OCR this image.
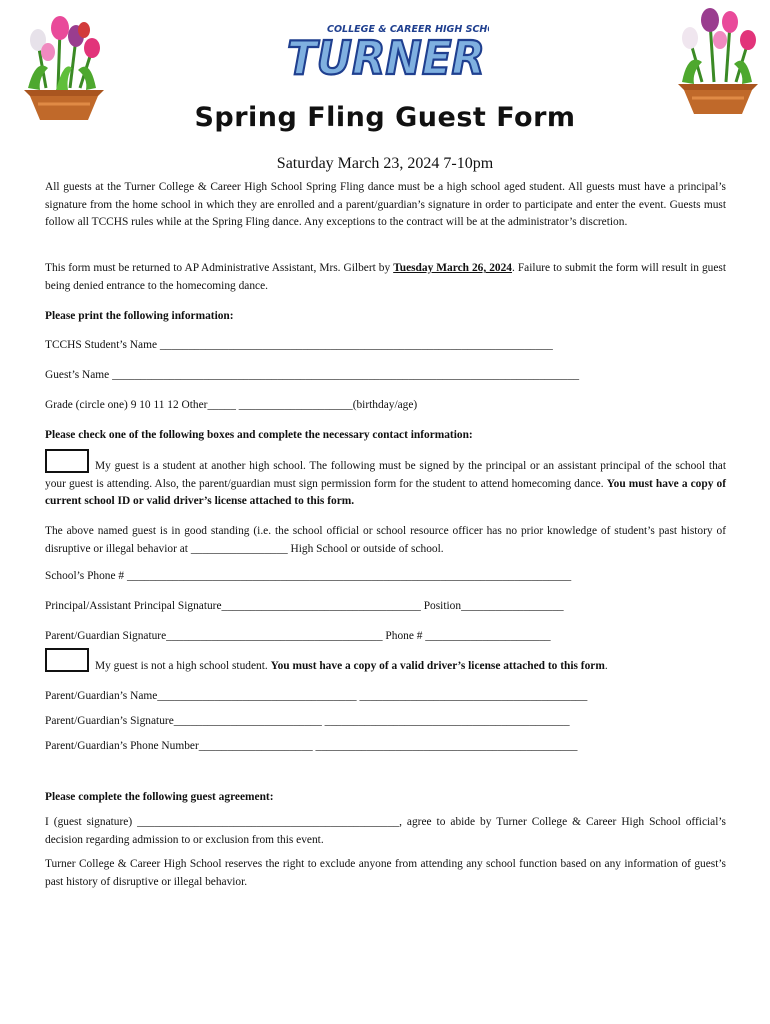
COLLEGE & CAREER HIGH SCH
TURNER
Spring Fling Guest Form
Saturday March 23, 2024 7-10pm
All guests at the Turner College & Career High School Spring Fling dance must be a high school aged student. All guests must have a principal’s signature from the home school in which they are enrolled and a parent/guardian’s signature in order to participate and enter the event. Guests must follow all TCCHS rules while at the Spring Fling dance. Any exceptions to the contract will be at the administrator’s discretion.
This form must be returned to AP Administrative Assistant, Mrs. Gilbert by Tuesday March 26, 2024. Failure to submit the form will result in guest being denied entrance to the homecoming dance.
Please print the following information:
TCCHS Student’s Name _____________________________________________________________________
Guest’s Name __________________________________________________________________________________
Grade (circle one) 9 10 11 12 Other_____ ____________________(birthday/age)
Please check one of the following boxes and complete the necessary contact information:
My guest is a student at another high school. The following must be signed by the principal or an assistant principal of the school that your guest is attending. Also, the parent/guardian must sign permission form for the student to attend homecoming dance. You must have a copy of current school ID or valid driver’s license attached to this form.
The above named guest is in good standing (i.e. the school official or school resource officer has no prior knowledge of student’s past history of disruptive or illegal behavior at _________________ High School or outside of school.
School’s Phone # ______________________________________________________________________________
Principal/Assistant Principal Signature___________________________________ Position__________________
Parent/Guardian Signature______________________________________ Phone # ______________________
My guest is not a high school student. You must have a copy of a valid driver’s license attached to this form.
Parent/Guardian’s Name___________________________________ ________________________________________
Parent/Guardian’s Signature__________________________ ___________________________________________
Parent/Guardian’s Phone Number____________________ ______________________________________________
Please complete the following guest agreement:
I (guest signature) ______________________________________________, agree to abide by Turner College & Career High School official’s decision regarding admission to or exclusion from this event.
Turner College & Career High School reserves the right to exclude anyone from attending any school function based on any information of guest’s past history of disruptive or illegal behavior.
